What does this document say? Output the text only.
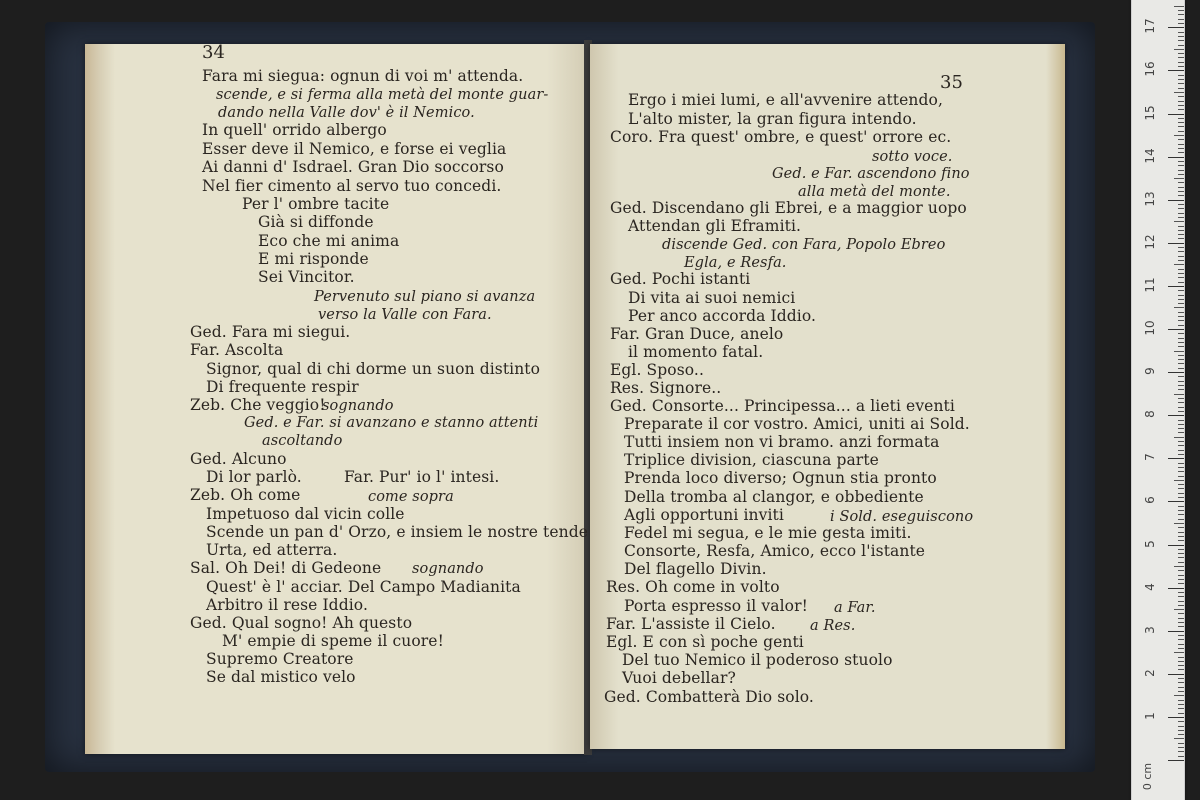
34
Fara mi siegua: ognun di voi m' attenda.
scende, e si ferma alla metà del monte guar-
dando nella Valle dov' è il Nemico.
In quell' orrido albergo
Esser deve il Nemico, e forse ei veglia
Ai danni d' Isdrael. Gran Dio soccorso
Nel fier cimento al servo tuo concedi.
Per l' ombre tacite
Già si diffonde
Eco che mi anima
E mi risponde
Sei Vincitor.
Pervenuto sul piano si avanza
verso la Valle con Fara.
Ged. Fara mi siegui.
Far. Ascolta
Signor, qual di chi dorme un suon distinto
Di frequente respir
Zeb. Che veggio!
sognando
Ged. e Far. si avanzano e stanno attenti
ascoltando
Ged. Alcuno
Di lor parlò.	Far. Pur' io l' intesi.
Zeb. Oh come	come sopra
Impetuoso dal vicin colle
Scende un pan d' Orzo, e insiem le nostre tende
Urta, ed atterra.
Sal. Oh Dei! di Gedeone sognando
Quest' è l' acciar. Del Campo Madianita
Arbitro il rese Iddio.
Ged. Qual sogno! Ah questo
M' empie di speme il cuore!
Supremo Creatore
Se dal mistico velo
35
Ergo i miei lumi, e all'avvenire attendo,
L'alto mister, la gran figura intendo.
Coro. Fra quest' ombre, e quest' orrore ec.
sotto voce.
Ged. e Far. ascendono fino
alla metà del monte.
Ged. Discendano gli Ebrei, e a maggior uopo
Attendan gli Eframiti.
discende Ged. con Fara, Popolo Ebreo
Egla, e Resfa.
Ged. Pochi istanti
Di vita ai suoi nemici
Per anco accorda Iddio.
Far. Gran Duce, anelo
il momento fatal.
Egl. Sposo..
Res. Signore..
Ged. Consorte... Principessa... a lieti eventi
Preparate il cor vostro. Amici, uniti ai Sold.
Tutti insiem non vi bramo. anzi formata
Triplice division, ciascuna parte
Prenda loco diverso; Ognun stia pronto
Della tromba al clangor, e obbediente
Agli opportuni inviti	i Sold. eseguiscono
Fedel mi segua, e le mie gesta imiti.
Consorte, Resfa, Amico, ecco l'istante
Del flagello Divin.
Res. Oh come in volto
Porta espresso il valor! a Far.
Far. L'assiste il Cielo. a Res.
Egl. E con sì poche genti
Del tuo Nemico il poderoso stuolo
Vuoi debellar?
Ged. Combatterà Dio solo.
0 cm
1
2
3
4
5
6
7
8
9
10
11
12
13
14
15
16
17
